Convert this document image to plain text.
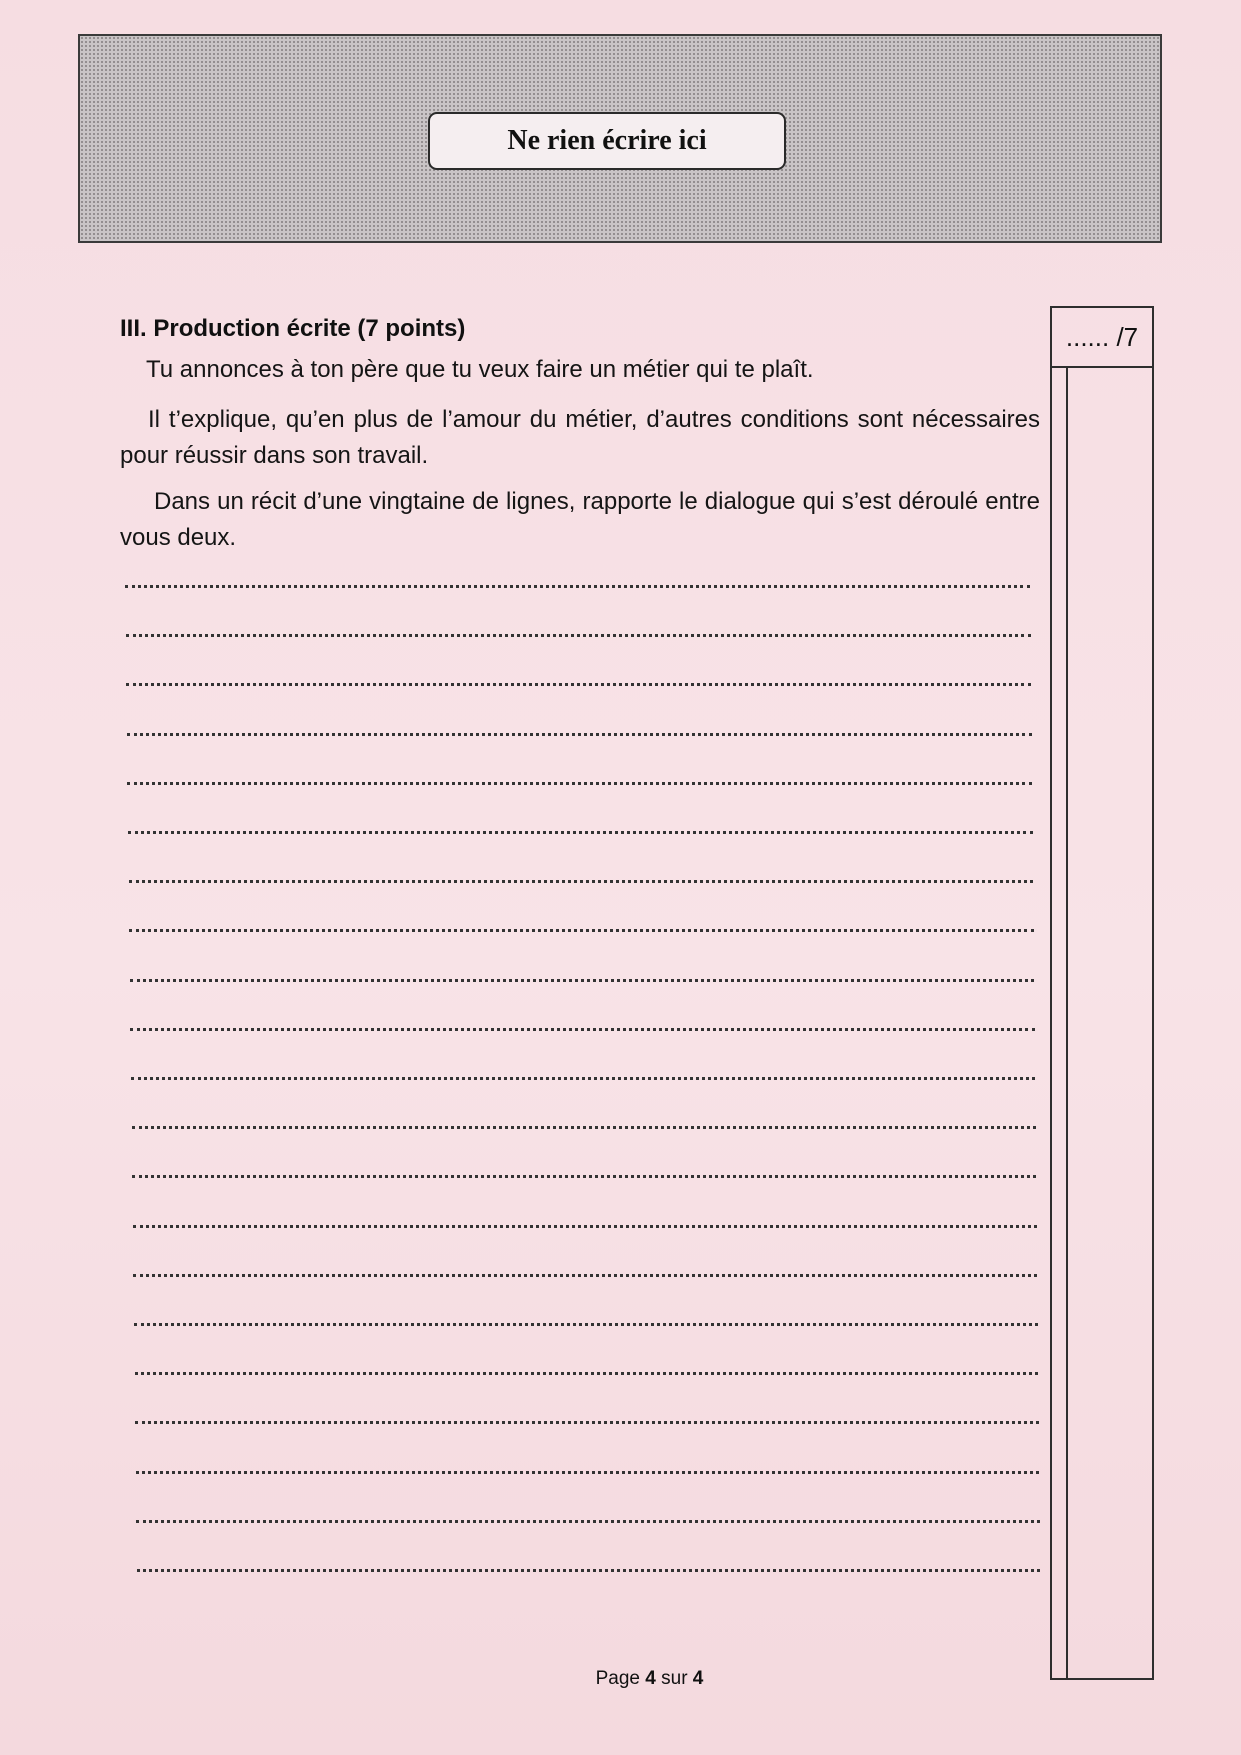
Ne rien écrire ici
...... /7
III. Production écrite (7 points)
Tu annonces à ton père que tu veux faire un métier qui te plaît.
Il t’explique, qu’en plus de l’amour du métier, d’autres conditions sont nécessaires pour réussir dans son travail.
Dans un récit d’une vingtaine de lignes, rapporte le dialogue qui s’est déroulé entre vous deux.
Page 4 sur 4
